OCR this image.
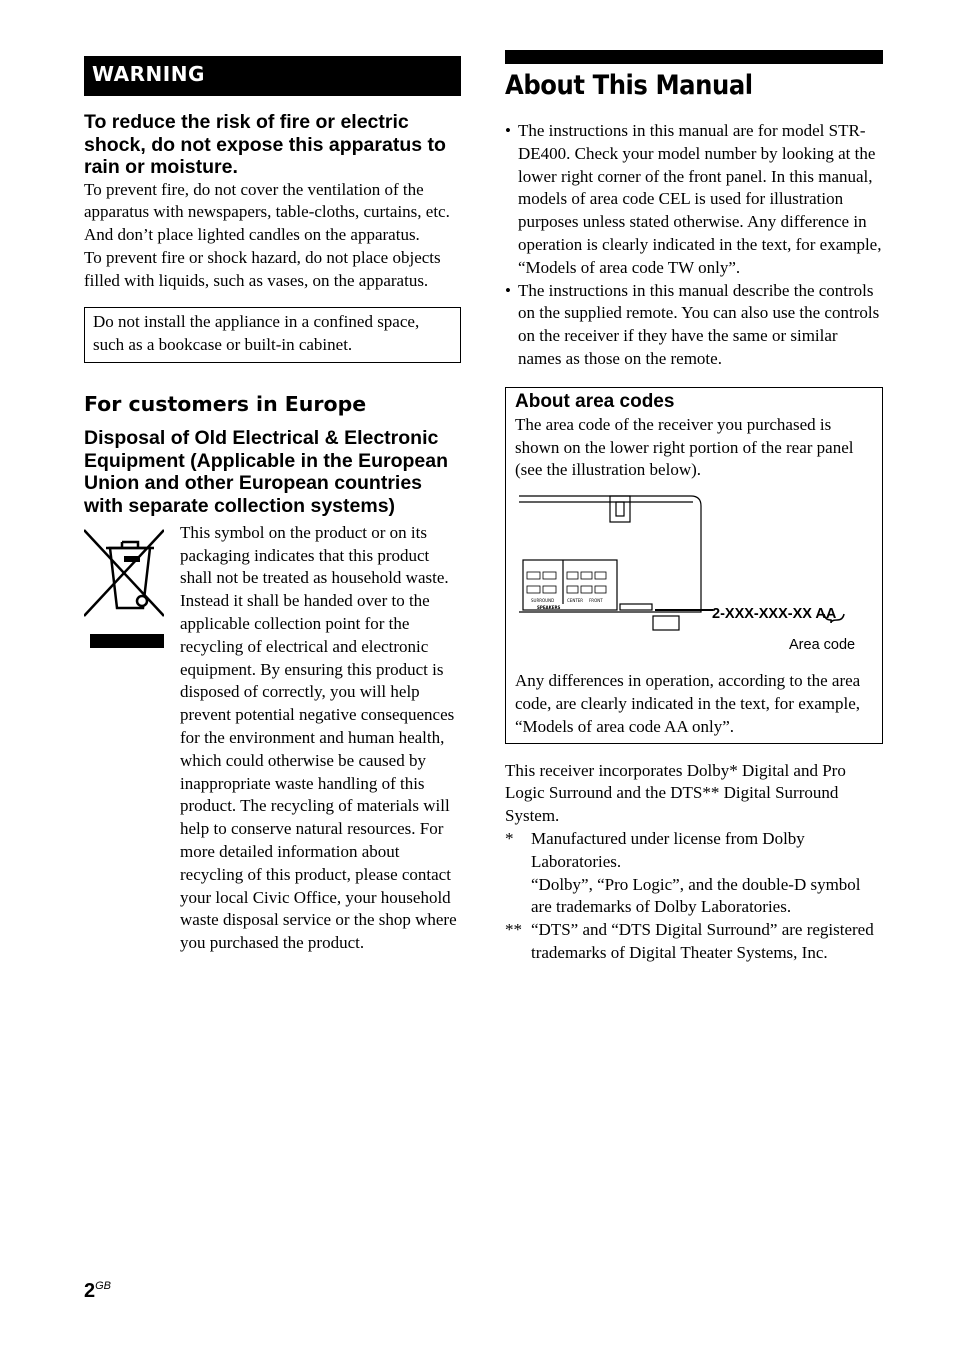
WARNING
To reduce the risk of fire or electric shock, do not expose this apparatus to rain or moisture.

To prevent fire, do not cover the ventilation of the apparatus with newspapers, table-cloths, curtains, etc. And don’t place lighted candles on the apparatus.

To prevent fire or shock hazard, do not place objects filled with liquids, such as vases, on the apparatus.

Do not install the appliance in a confined space, such as a bookcase or built-in cabinet.
For customers in Europe
Disposal of Old Electrical & Electronic Equipment (Applicable in the European Union and other European countries with separate collection systems)
This symbol on the product or on its packaging indicates that this product shall not be treated as household waste. Instead it shall be handed over to the applicable collection point for the recycling of electrical and electronic equipment. By ensuring this product is disposed of correctly, you will help prevent potential negative consequences for the environment and human health, which could otherwise be caused by inappropriate waste handling of this product. The recycling of materials will help to conserve natural resources. For more detailed information about recycling of this product, please contact your local Civic Office, your household waste disposal service or the shop where you purchased the product.
About This Manual
• The instructions in this manual are for model STR-DE400. Check your model number by looking at the lower right corner of the front panel. In this manual, models of area code CEL is used for illustration purposes unless stated otherwise. Any difference in operation is clearly indicated in the text, for example, “Models of area code TW only”.
• The instructions in this manual describe the controls on the supplied remote. You can also use the controls on the receiver if they have the same or similar names as those on the remote.
About area codes
The area code of the receiver you purchased is shown on the lower right portion of the rear panel (see the illustration below).
SURROUND	CENTER FRONT
SPEAKERS	2-XXX-XXX-XX AA
Area code
Any differences in operation, according to the area code, are clearly indicated in the text, for example, “Models of area code AA only”.
This receiver incorporates Dolby* Digital and Pro Logic Surround and the DTS** Digital Surround System.
* Manufactured under license from Dolby Laboratories.
“Dolby”, “Pro Logic”, and the double-D symbol are trademarks of Dolby Laboratories.
** “DTS” and “DTS Digital Surround” are registered trademarks of Digital Theater Systems, Inc.
$2^{GB}$
